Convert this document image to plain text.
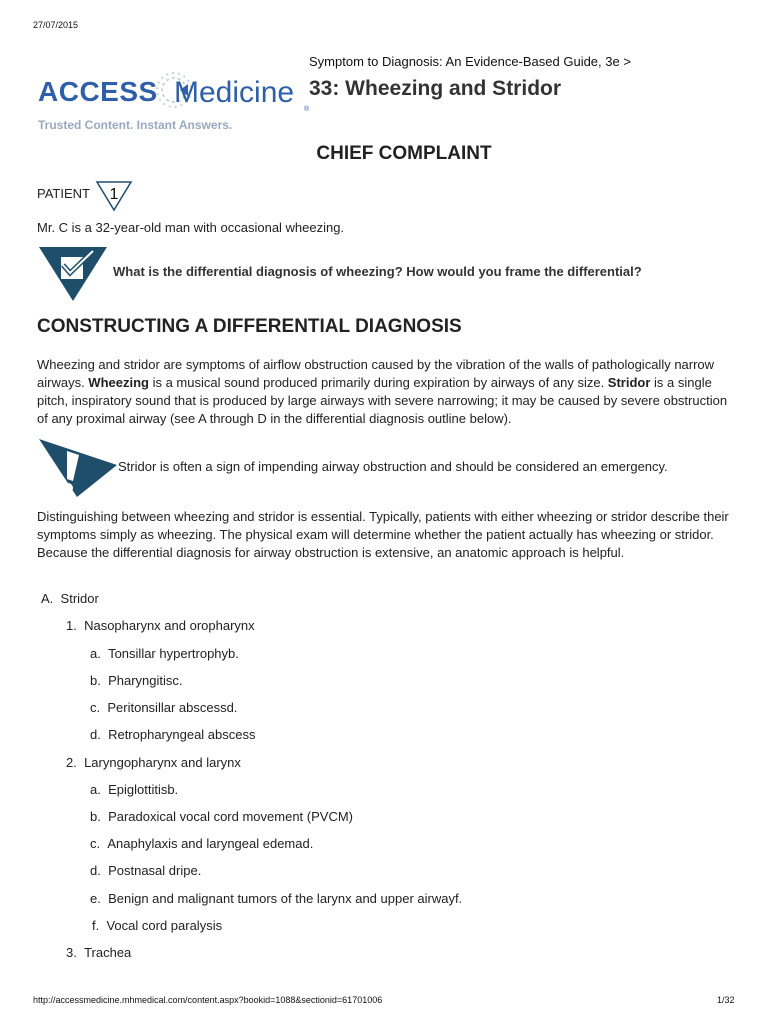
27/07/2015
Symptom to Diagnosis: An Evidence-Based Guide, 3e >
33: Wheezing and Stridor
ACCESS Medicine
®
Trusted Content. Instant Answers.
CHIEF COMPLAINT
PATIENT 1
Mr. C is a 32-year-old man with occasional wheezing.
What is the differential diagnosis of wheezing? How would you frame the differential?
CONSTRUCTING A DIFFERENTIAL DIAGNOSIS

Wheezing and stridor are symptoms of airflow obstruction caused by the vibration of the walls of pathologically narrow airways. Wheezing is a musical sound produced primarily during expiration by airways of any size. Stridor is a single pitch, inspiratory sound that is produced by large airways with severe narrowing; it may be caused by severe obstruction of any proximal airway (see A through D in the differential diagnosis outline below).

Stridor is often a sign of impending airway obstruction and should be considered an emergency.

Distinguishing between wheezing and stridor is essential. Typically, patients with either wheezing or stridor describe their symptoms simply as wheezing. The physical exam will determine whether the patient actually has wheezing or stridor. Because the differential diagnosis for airway obstruction is extensive, an anatomic approach is helpful.

A. Stridor
1. Nasopharynx and oropharynx
a. Tonsillar hypertrophyb.
b. Pharyngitisc.
c. Peritonsillar abscessd.
d. Retropharyngeal abscess
2. Laryngopharynx and larynx
a. Epiglottitisb.
b. Paradoxical vocal cord movement (PVCM)
c. Anaphylaxis and laryngeal edemad.
d. Postnasal dripe.
e. Benign and malignant tumors of the larynx and upper airwayf.
f. Vocal cord paralysis
3. Trachea
http://accessmedicine.mhmedical.com/content.aspx?bookid=1088&sectionid=61701006	1/32
